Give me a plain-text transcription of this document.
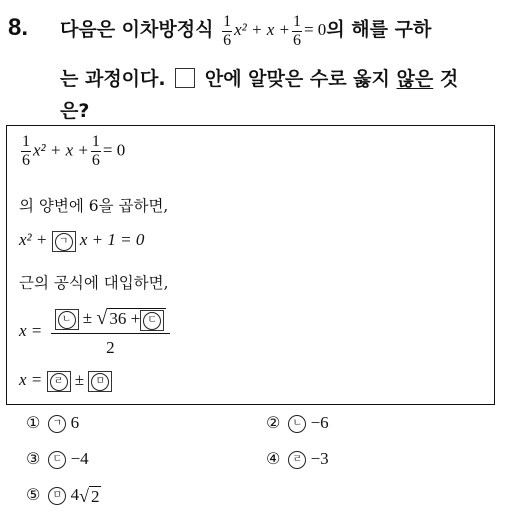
8. 다음은 이차방정식 $\frac{1}{6} x^2 + x + \frac{1}{6} = 0$의 해를 구하
는 과정이다. 안에 알맞은 수로 옳지 않은 것
은?
$\frac{1}{6} x^2 + x + \frac{1}{6} = 0$
의 양변에 6을 곱하면,
x² + ㄱ x + 1 = 0
근의 공식에 대입하면,
$x = \frac{\text{ㄴ ± √ 36 + ㄷ}}{2}$
x = ㄹ ± ㅁ
① ㄱ 6	② ㄴ −6
③ ㄷ −4	④ ㄹ −3
⑤ ㅁ 4√ 2
